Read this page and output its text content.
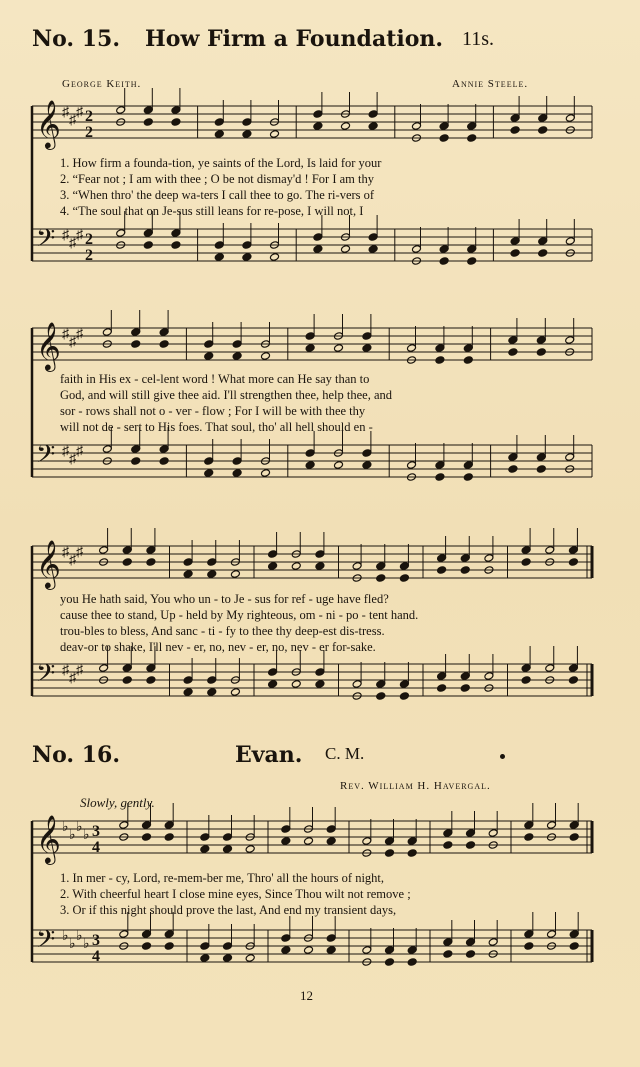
No. 15. How Firm a Foundation. 11s.
George Keith.	Annie Steele.
𝄞 ♯
♯
♯ 2
2
𝄢 ♯
♯
♯ 2
2
1. How firm a founda-tion, ye saints of the Lord, Is laid for your
2. “Fear not ; I am with thee ; O be not dismay'd ! For I am thy
3. “When thro' the deep wa-ters I call thee to go. The ri-vers of
4. “The soul that on Je-sus still leans for re-pose, I will not, I
𝄞 ♯
♯
♯
𝄢 ♯
♯
♯
faith in His ex - cel-lent word ! What more can He say than to
God, and will still give thee aid. I'll strengthen thee, help thee, and
sor - rows shall not o - ver - flow ; For I will be with thee thy
will not de - sert to His foes. That soul, tho' all hell should en -
𝄞 ♯
♯
♯
𝄢 ♯
♯
♯
you He hath said, You who un - to Je - sus for ref - uge have fled?
cause thee to stand, Up - held by My righteous, om - ni - po - tent hand.
trou-bles to bless, And sanc - ti - fy to thee thy deep-est dis-tress.
deav-or to shake, I'll nev - er, no, nev - er, no, nev - er for-sake.
No. 16.	Evan. C. M.
Rev. William H. Havergal.
Slowly, gently.
𝄞 ♭
♭
♭
♭ 3
4
𝄢 ♭
♭
♭
♭ 3
4
1. In mer - cy, Lord, re-mem-ber me, Thro' all the hours of night,
2. With cheerful heart I close mine eyes, Since Thou wilt not remove ;
3. Or if this night should prove the last, And end my transient days,
12
